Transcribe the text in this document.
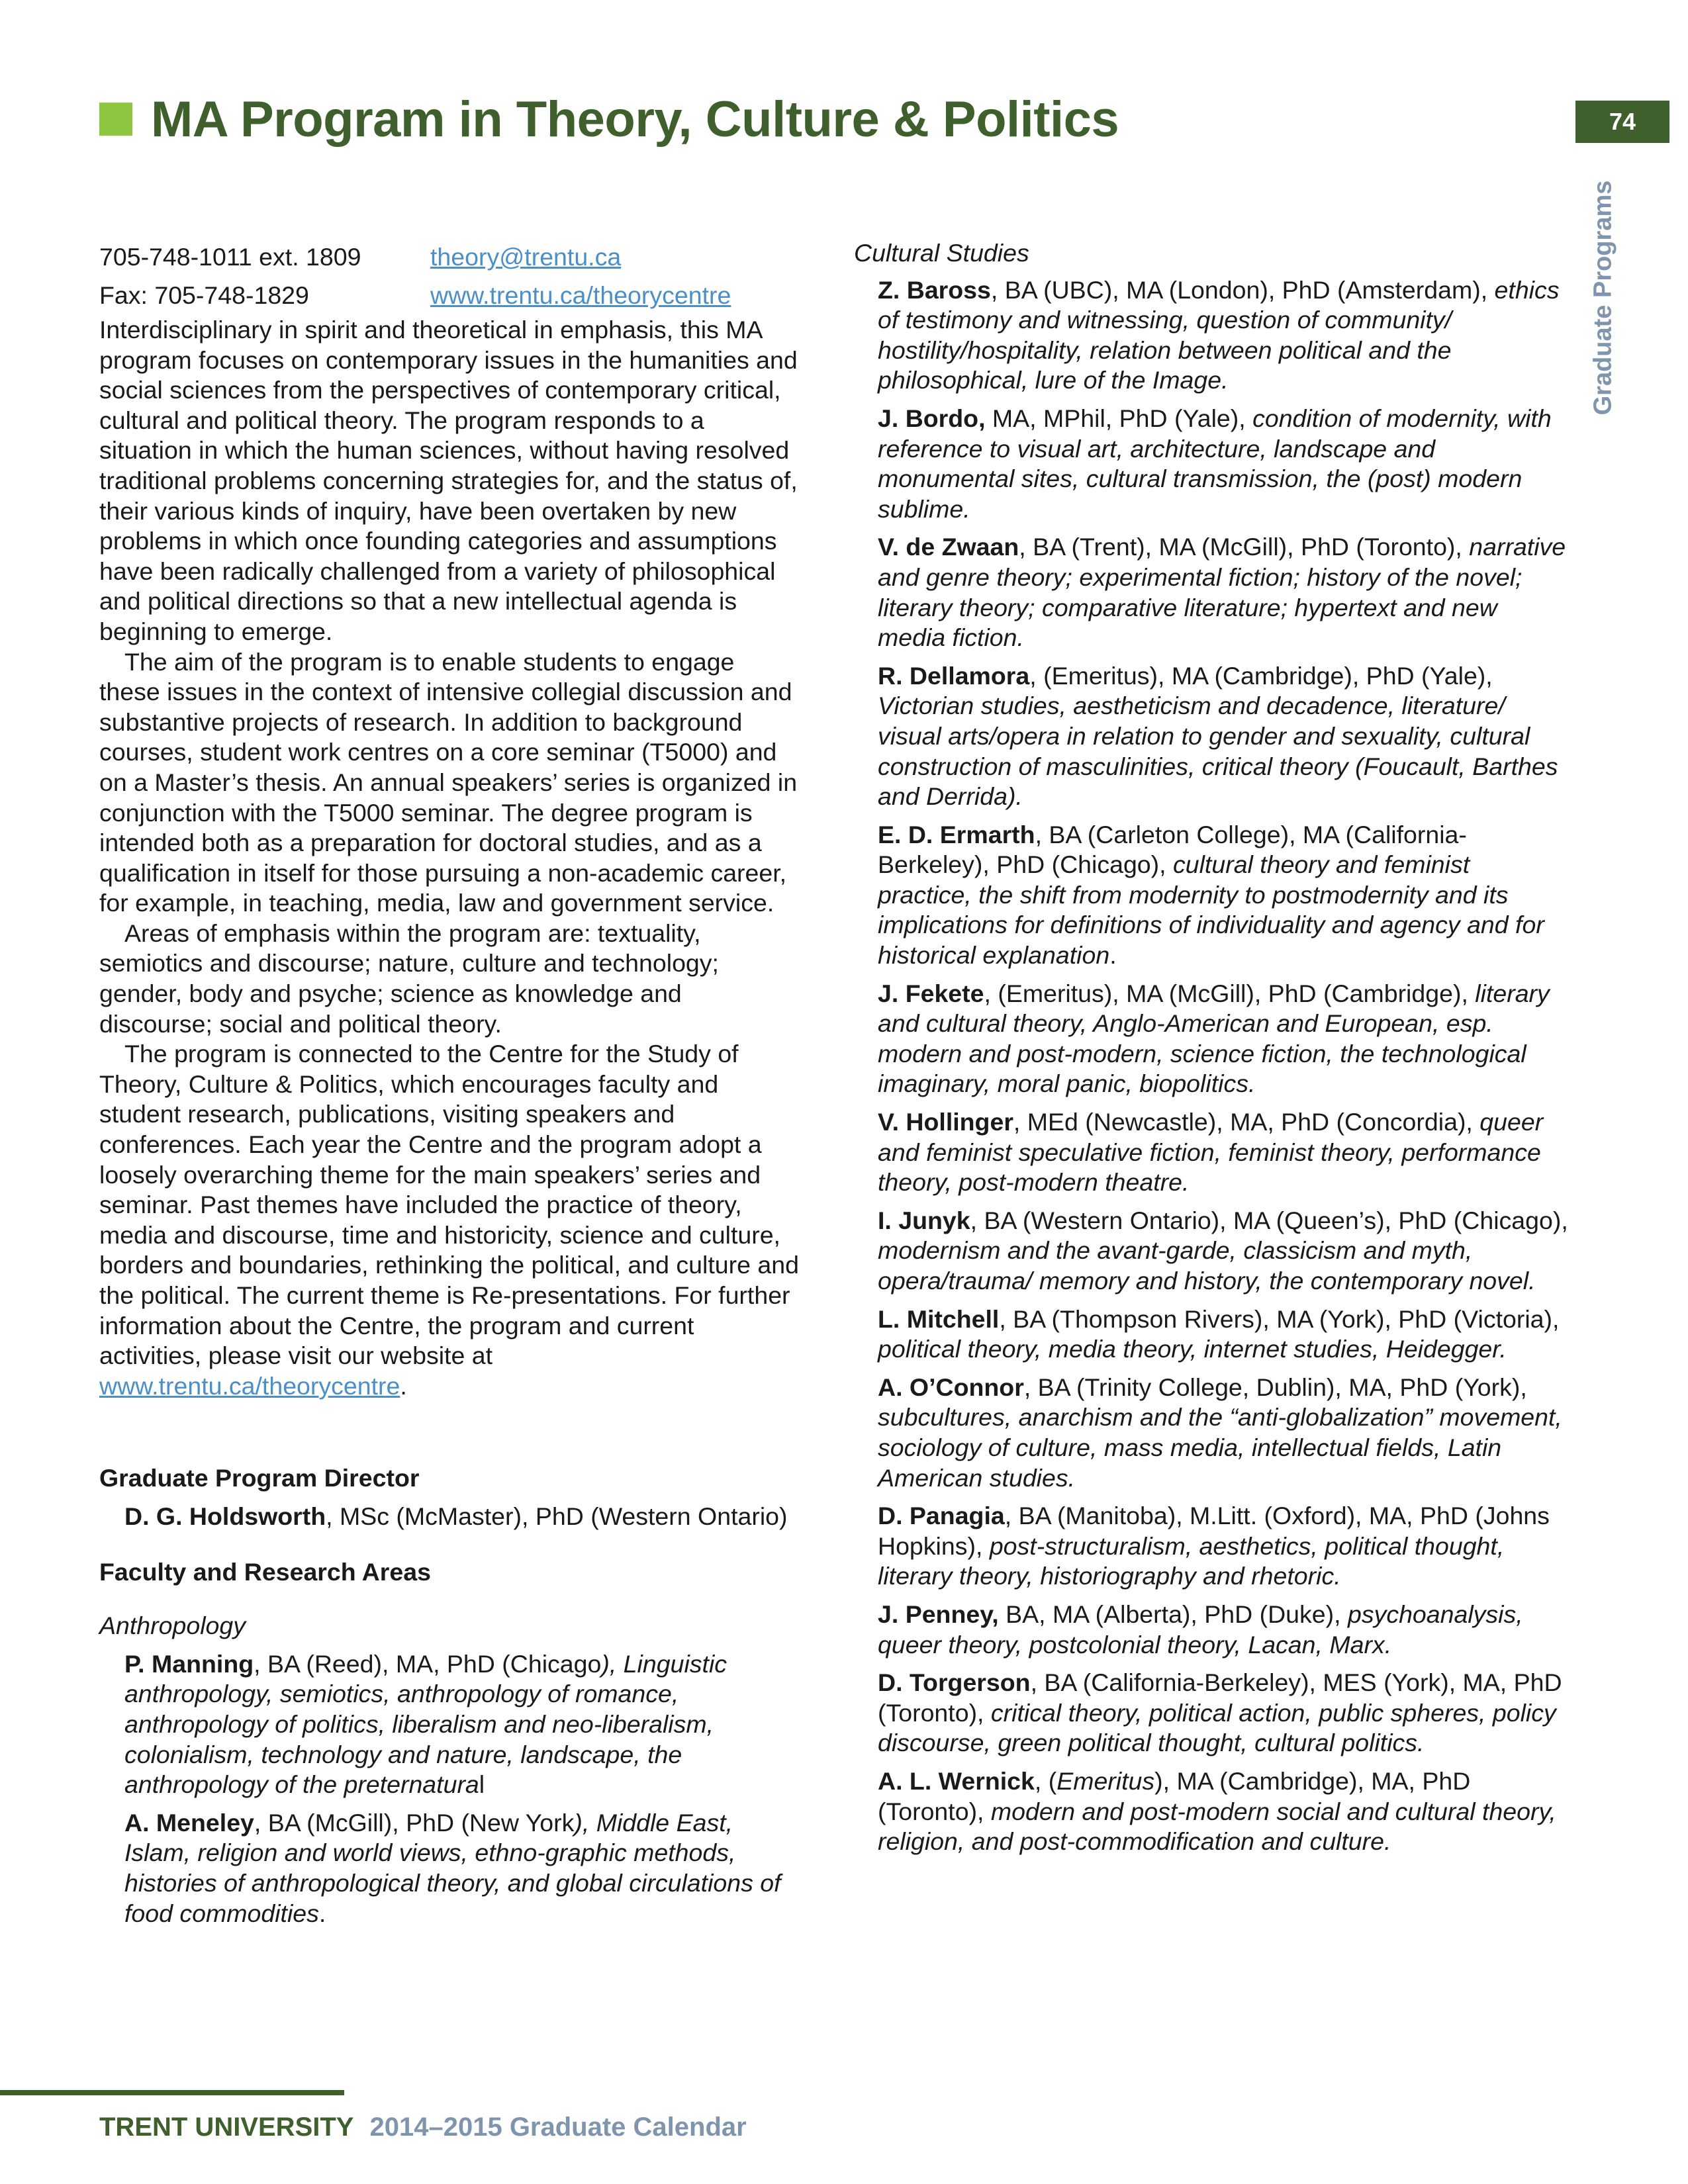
MA Program in Theory, Culture & Politics	74
Graduate Programs
705-748-1011 ext. 1809	theory@trentu.ca
Fax: 705-748-1829	www.trentu.ca/theorycentre

Interdisciplinary in spirit and theoretical in emphasis, this MA program focuses on contemporary issues in the humanities and social sciences from the perspectives of contemporary critical, cultural and political theory. The program responds to a situation in which the human sciences, without having resolved traditional problems concerning strategies for, and the status of, their various kinds of inquiry, have been overtaken by new problems in which once founding categories and assumptions have been radically challenged from a variety of philosophical and political directions so that a new intellectual agenda is beginning to emerge.

The aim of the program is to enable students to engage these issues in the context of intensive collegial discussion and substantive projects of research. In addition to background courses, student work centres on a core seminar (T5000) and on a Master’s thesis. An annual speakers’ series is organized in conjunction with the T5000 seminar. The degree program is intended both as a preparation for doctoral studies, and as a qualification in itself for those pursuing a non-academic career, for example, in teaching, media, law and government service.

Areas of emphasis within the program are: textuality, semiotics and discourse; nature, culture and technology; gender, body and psyche; science as knowledge and discourse; social and political theory.

The program is connected to the Centre for the Study of Theory, Culture & Politics, which encourages faculty and student research, publications, visiting speakers and conferences. Each year the Centre and the program adopt a loosely overarching theme for the main speakers’ series and seminar. Past themes have included the practice of theory, media and discourse, time and historicity, science and culture, borders and boundaries, rethinking the political, and culture and the political. The current theme is Re-presentations. For further information about the Centre, the program and current activities, please visit our website at www.trentu.ca/theorycentre.

Graduate Program Director
D. G. Holdsworth, MSc (McMaster), PhD (Western Ontario)
Faculty and Research Areas
Anthropology
P. Manning, BA (Reed), MA, PhD (Chicago), Linguistic anthropology, semiotics, anthropology of romance, anthropology of politics, liberalism and neo-liberalism, colonialism, technology and nature, landscape, the anthropology of the preternatural
A. Meneley, BA (McGill), PhD (New York), Middle East, Islam, religion and world views, ethno-graphic methods, histories of anthropological theory, and global circulations of food commodities.
Cultural Studies
Z. Baross, BA (UBC), MA (London), PhD (Amsterdam), ethics of testimony and witnessing, question of community/ hostility/hospitality, relation between political and the philosophical, lure of the Image.
J. Bordo, MA, MPhil, PhD (Yale), condition of modernity, with reference to visual art, architecture, landscape and monumental sites, cultural transmission, the (post) modern sublime.
V. de Zwaan, BA (Trent), MA (McGill), PhD (Toronto), narrative and genre theory; experimental fiction; history of the novel; literary theory; comparative literature; hypertext and new media fiction.
R. Dellamora, (Emeritus), MA (Cambridge), PhD (Yale), Victorian studies, aestheticism and decadence, literature/ visual arts/opera in relation to gender and sexuality, cultural construction of masculinities, critical theory (Foucault, Barthes and Derrida).
E. D. Ermarth, BA (Carleton College), MA (California-Berkeley), PhD (Chicago), cultural theory and feminist practice, the shift from modernity to postmodernity and its implications for definitions of individuality and agency and for historical explanation.
J. Fekete, (Emeritus), MA (McGill), PhD (Cambridge), literary and cultural theory, Anglo-American and European, esp. modern and post-modern, science fiction, the technological imaginary, moral panic, biopolitics.
V. Hollinger, MEd (Newcastle), MA, PhD (Concordia), queer and feminist speculative fiction, feminist theory, performance theory, post-modern theatre.
I. Junyk, BA (Western Ontario), MA (Queen’s), PhD (Chicago), modernism and the avant-garde, classicism and myth, opera/trauma/ memory and history, the contemporary novel.
L. Mitchell, BA (Thompson Rivers), MA (York), PhD (Victoria), political theory, media theory, internet studies, Heidegger.
A. O’Connor, BA (Trinity College, Dublin), MA, PhD (York), subcultures, anarchism and the “anti-globalization” movement, sociology of culture, mass media, intellectual fields, Latin American studies.
D. Panagia, BA (Manitoba), M.Litt. (Oxford), MA, PhD (Johns Hopkins), post-structuralism, aesthetics, political thought, literary theory, historiography and rhetoric.
J. Penney, BA, MA (Alberta), PhD (Duke), psychoanalysis, queer theory, postcolonial theory, Lacan, Marx.
D. Torgerson, BA (California-Berkeley), MES (York), MA, PhD (Toronto), critical theory, political action, public spheres, policy discourse, green political thought, cultural politics.
A. L. Wernick, (Emeritus), MA (Cambridge), MA, PhD (Toronto), modern and post-modern social and cultural theory, religion, and post-commodification and culture.
TRENT UNIVERSITY 2014–2015 Graduate Calendar
